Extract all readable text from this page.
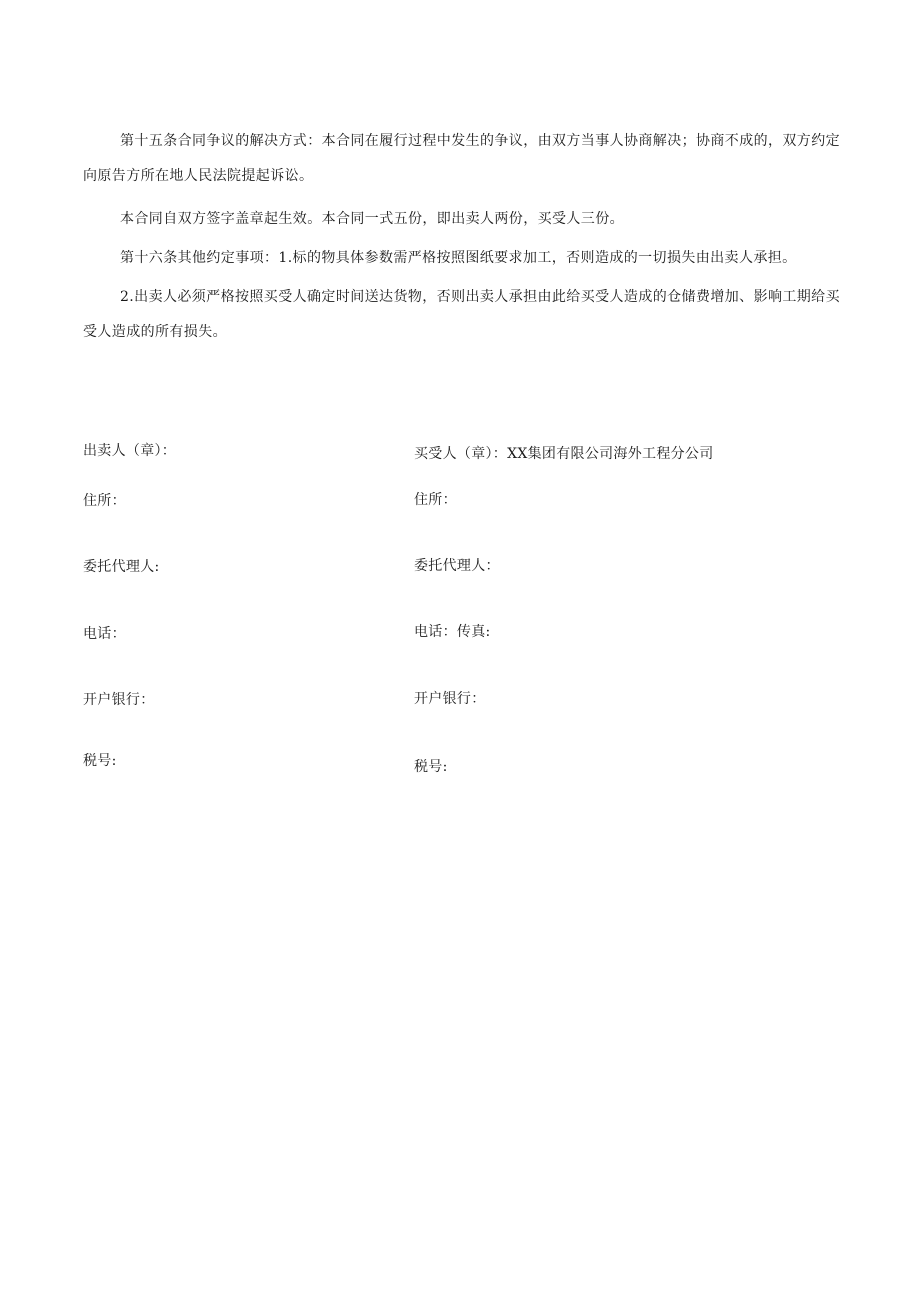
第十五条合同争议的解决方式：本合同在履行过程中发生的争议，由双方当事人协商解决；协商不成的，双方约定向原告方所在地人民法院提起诉讼。

本合同自双方签字盖章起生效。本合同一式五份，即出卖人两份，买受人三份。

第十六条其他约定事项：1.标的物具体参数需严格按照图纸要求加工，否则造成的一切损失由出卖人承担。

2.出卖人必须严格按照买受人确定时间送达货物，否则出卖人承担由此给买受人造成的仓储费增加、影响工期给买受人造成的所有损失。

出卖人（章）：
住所：
委托代理人:
电话：
开户银行：
税号:
买受人（章）：XX集团有限公司海外工程分公司
住所：
委托代理人：
电话：传真:
开户银行：
税号:
